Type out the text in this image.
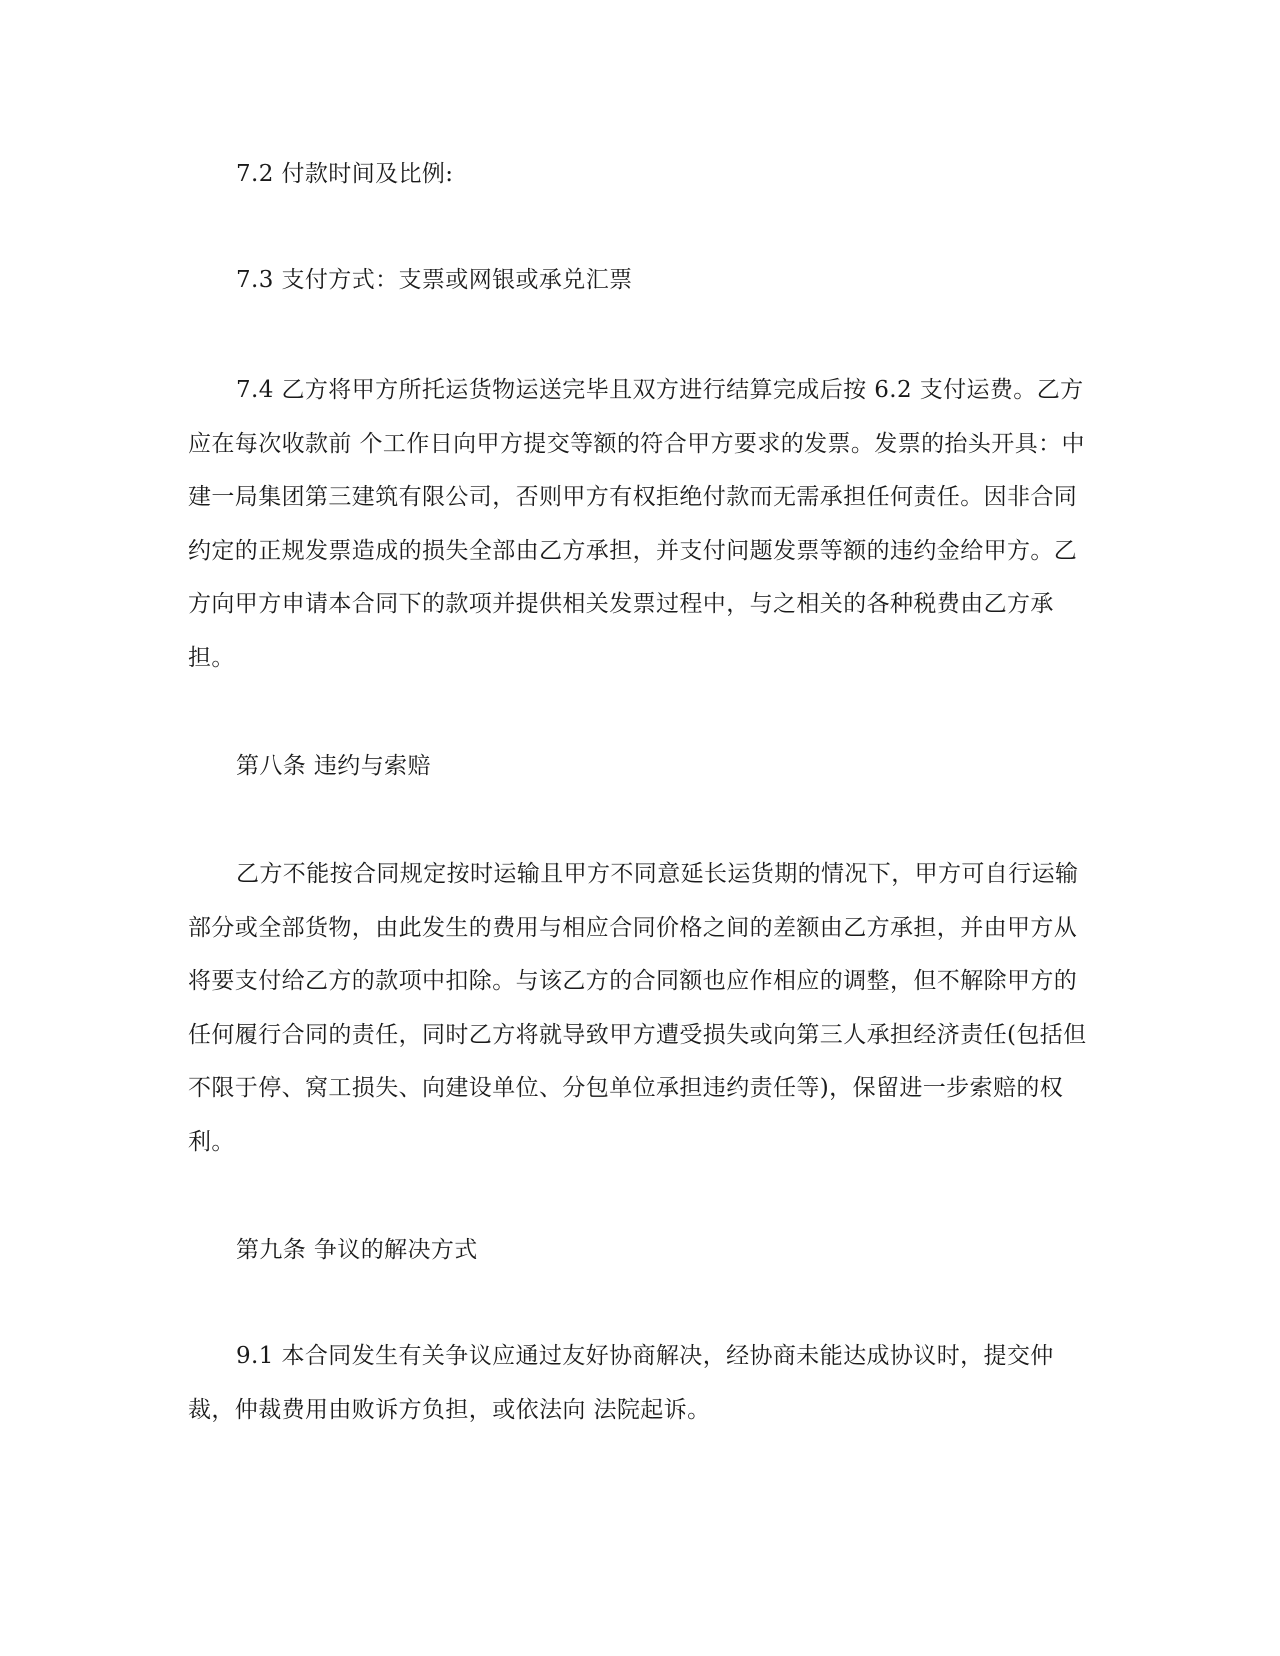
7.2 付款时间及比例:

7.3 支付方式：支票或网银或承兑汇票

7.4 乙方将甲方所托运货物运送完毕且双方进行结算完成后按 6.2 支付运费。乙方应在每次收款前 个工作日向甲方提交等额的符合甲方要求的发票。发票的抬头开具：中建一局集团第三建筑有限公司，否则甲方有权拒绝付款而无需承担任何责任。因非合同约定的正规发票造成的损失全部由乙方承担，并支付问题发票等额的违约金给甲方。乙方向甲方申请本合同下的款项并提供相关发票过程中，与之相关的各种税费由乙方承担。

第八条 违约与索赔

乙方不能按合同规定按时运输且甲方不同意延长运货期的情况下，甲方可自行运输部分或全部货物，由此发生的费用与相应合同价格之间的差额由乙方承担，并由甲方从将要支付给乙方的款项中扣除。与该乙方的合同额也应作相应的调整，但不解除甲方的任何履行合同的责任，同时乙方将就导致甲方遭受损失或向第三人承担经济责任(包括但不限于停、窝工损失、向建设单位、分包单位承担违约责任等)，保留进一步索赔的权利。

第九条 争议的解决方式

9.1 本合同发生有关争议应通过友好协商解决，经协商未能达成协议时，提交仲裁，仲裁费用由败诉方负担，或依法向 法院起诉。
